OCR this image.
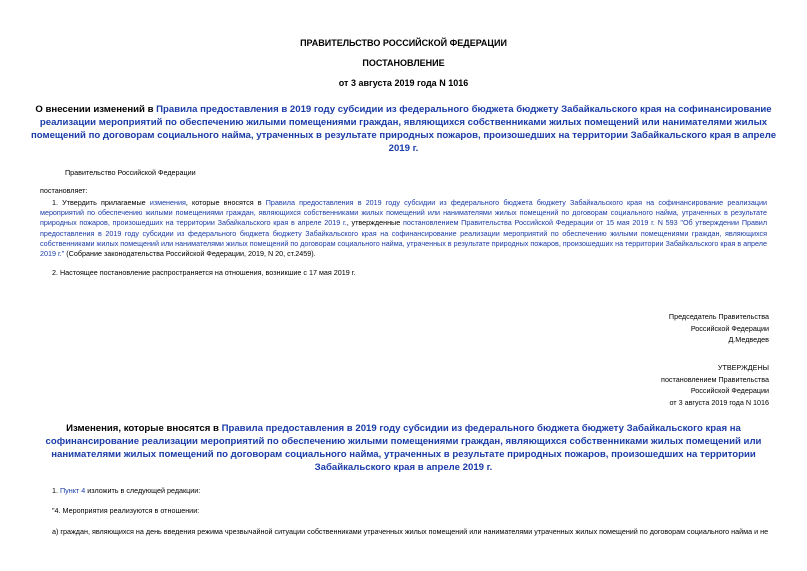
ПРАВИТЕЛЬСТВО РОССИЙСКОЙ ФЕДЕРАЦИИ
ПОСТАНОВЛЕНИЕ
от 3 августа 2019 года N 1016
О внесении изменений в Правила предоставления в 2019 году субсидии из федерального бюджета бюджету Забайкальского края на софинансирование реализации мероприятий по обеспечению жилыми помещениями граждан, являющихся собственниками жилых помещений или нанимателями жилых помещений по договорам социального найма, утраченных в результате природных пожаров, произошедших на территории Забайкальского края в апреле 2019 г.
Правительство Российской Федерации
постановляет:
1. Утвердить прилагаемые изменения, которые вносятся в Правила предоставления в 2019 году субсидии из федерального бюджета бюджету Забайкальского края на софинансирование реализации мероприятий по обеспечению жилыми помещениями граждан, являющихся собственниками жилых помещений или нанимателями жилых помещений по договорам социального найма, утраченных в результате природных пожаров, произошедших на территории Забайкальского края в апреле 2019 г., утвержденные постановлением Правительства Российской Федерации от 15 мая 2019 г. N 593 "Об утверждении Правил предоставления в 2019 году субсидии из федерального бюджета бюджету Забайкальского края на софинансирование реализации мероприятий по обеспечению жилыми помещениями граждан, являющихся собственниками жилых помещений или нанимателями жилых помещений по договорам социального найма, утраченных в результате природных пожаров, произошедших на территории Забайкальского края в апреле 2019 г." (Собрание законодательства Российской Федерации, 2019, N 20, ст.2459).
2. Настоящее постановление распространяется на отношения, возникшие с 17 мая 2019 г.
Председатель Правительства
Российской Федерации
Д.Медведев
УТВЕРЖДЕНЫ
постановлением Правительства
Российской Федерации
от 3 августа 2019 года N 1016
Изменения, которые вносятся в Правила предоставления в 2019 году субсидии из федерального бюджета бюджету Забайкальского края на софинансирование реализации мероприятий по обеспечению жилыми помещениями граждан, являющихся собственниками жилых помещений или нанимателями жилых помещений по договорам социального найма, утраченных в результате природных пожаров, произошедших на территории Забайкальского края в апреле 2019 г.
1. Пункт 4 изложить в следующей редакции:
"4. Мероприятия реализуются в отношении:
а) граждан, являющихся на день введения режима чрезвычайной ситуации собственниками утраченных жилых помещений или нанимателями утраченных жилых помещений по договорам социального найма и не
